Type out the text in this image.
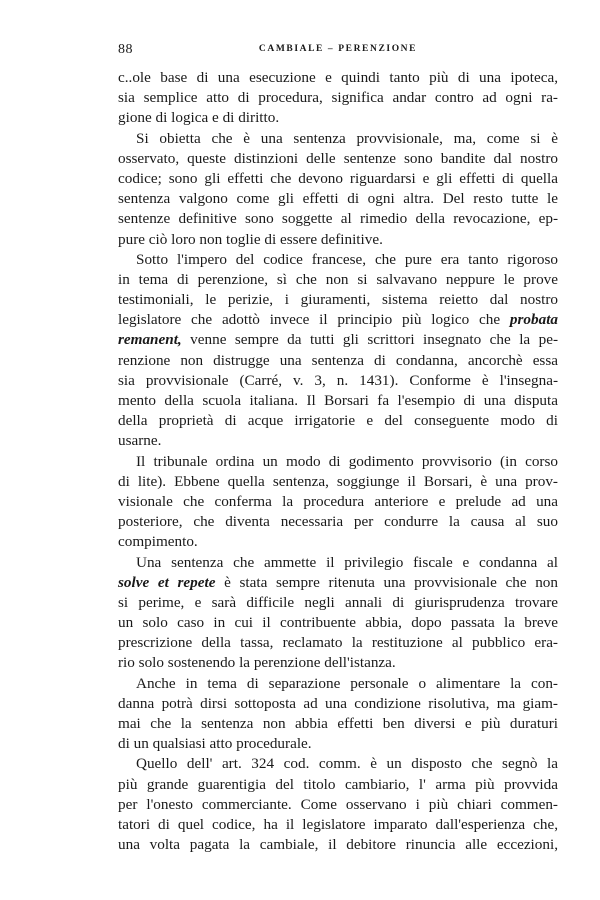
88	CAMBIALE – PERENZIONE
c..ole base di una esecuzione e quindi tanto più di una ipoteca,
sia semplice atto di procedura, significa andar contro ad ogni ra-
gione di logica e di diritto.
Si obietta che è una sentenza provvisionale, ma, come si è
osservato, queste distinzioni delle sentenze sono bandite dal nostro
codice; sono gli effetti che devono riguardarsi e gli effetti di quella
sentenza valgono come gli effetti di ogni altra. Del resto tutte le
sentenze definitive sono soggette al rimedio della revocazione, ep-
pure ciò loro non toglie di essere definitive.
Sotto l'impero del codice francese, che pure era tanto rigoroso
in tema di perenzione, sì che non si salvavano neppure le prove
testimoniali, le perizie, i giuramenti, sistema reietto dal nostro
legislatore che adottò invece il principio più logico che probata
remanent, venne sempre da tutti gli scrittori insegnato che la pe-
renzione non distrugge una sentenza di condanna, ancorchè essa
sia provvisionale (Carré, v. 3, n. 1431). Conforme è l'insegna-
mento della scuola italiana. Il Borsari fa l'esempio di una disputa
della proprietà di acque irrigatorie e del conseguente modo di
usarne.
Il tribunale ordina un modo di godimento provvisorio (in corso
di lite). Ebbene quella sentenza, soggiunge il Borsari, è una prov-
visionale che conferma la procedura anteriore e prelude ad una
posteriore, che diventa necessaria per condurre la causa al suo
compimento.
Una sentenza che ammette il privilegio fiscale e condanna al
solve et repete è stata sempre ritenuta una provvisionale che non
si perime, e sarà difficile negli annali di giurisprudenza trovare
un solo caso in cui il contribuente abbia, dopo passata la breve
prescrizione della tassa, reclamato la restituzione al pubblico era-
rio solo sostenendo la perenzione dell'istanza.
Anche in tema di separazione personale o alimentare la con-
danna potrà dirsi sottoposta ad una condizione risolutiva, ma giam-
mai che la sentenza non abbia effetti ben diversi e più duraturi
di un qualsiasi atto procedurale.
Quello dell' art. 324 cod. comm. è un disposto che segnò la
più grande guarentigia del titolo cambiario, l' arma più provvida
per l'onesto commerciante. Come osservano i più chiari commen-
tatori di quel codice, ha il legislatore imparato dall'esperienza che,
una volta pagata la cambiale, il debitore rinuncia alle eccezioni,
